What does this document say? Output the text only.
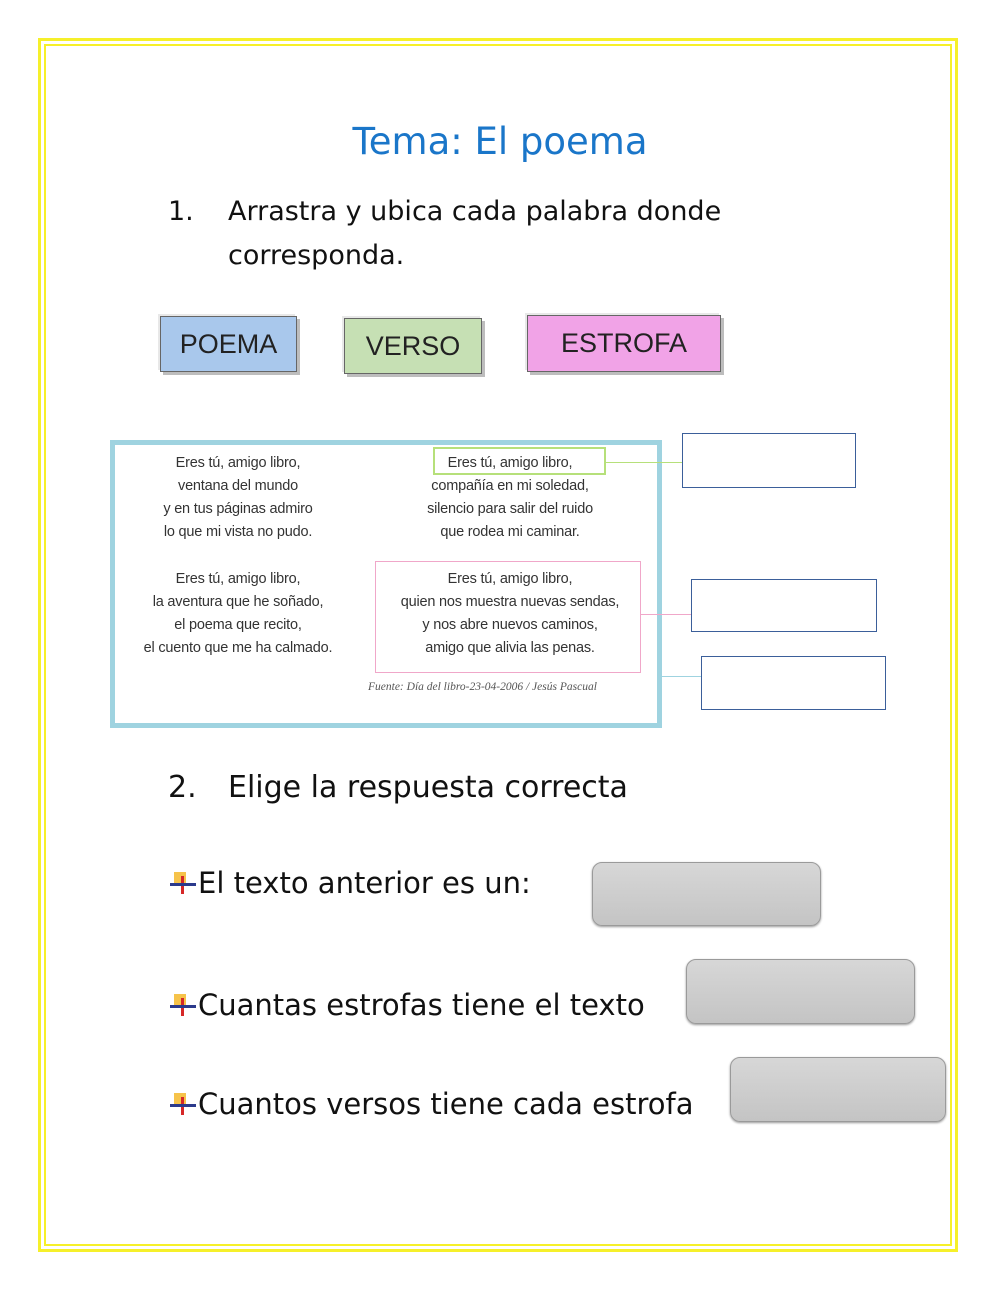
Tema: El poema
1. Arrastra y ubica cada palabra donde
corresponda.
POEMA	VERSO	ESTROFA
Eres tú, amigo libro,
ventana del mundo
y en tus páginas admiro
lo que mi vista no pudo.
Eres tú, amigo libro,
compañía en mi soledad,
silencio para salir del ruido
que rodea mi caminar.
Eres tú, amigo libro,
la aventura que he soñado,
el poema que recito,
el cuento que me ha calmado.
Eres tú, amigo libro,
quien nos muestra nuevas sendas,
y nos abre nuevos caminos,
amigo que alivia las penas.
Fuente: Día del libro-23-04-2006 / Jesús Pascual
2. Elige la respuesta correcta
El texto anterior es un:
Cuantas estrofas tiene el texto
Cuantos versos tiene cada estrofa
